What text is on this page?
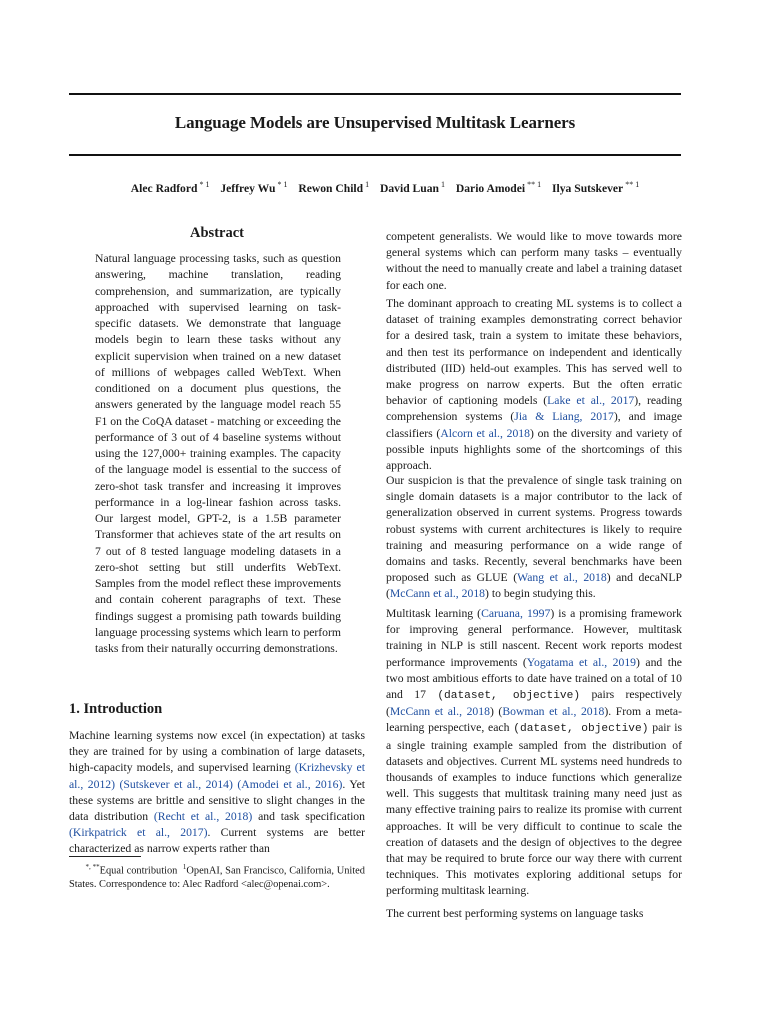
Language Models are Unsupervised Multitask Learners
Alec Radford $^{* 1}$ Jeffrey Wu $^{* 1}$ Rewon Child $^1$ David Luan $^1$ Dario Amodei $^{** 1}$ Ilya Sutskever $^{** 1}$
Abstract

Natural language processing tasks, such as question answering, machine translation, reading comprehension, and summarization, are typically approached with supervised learning on task-specific datasets. We demonstrate that language models begin to learn these tasks without any explicit supervision when trained on a new dataset of millions of webpages called WebText. When conditioned on a document plus questions, the answers generated by the language model reach 55 F1 on the CoQA dataset - matching or exceeding the performance of 3 out of 4 baseline systems without using the 127,000+ training examples. The capacity of the language model is essential to the success of zero-shot task transfer and increasing it improves performance in a log-linear fashion across tasks. Our largest model, GPT-2, is a 1.5B parameter Transformer that achieves state of the art results on 7 out of 8 tested language modeling datasets in a zero-shot setting but still underfits WebText. Samples from the model reflect these improvements and contain coherent paragraphs of text. These findings suggest a promising path towards building language processing systems which learn to perform tasks from their naturally occurring demonstrations.

1. Introduction

Machine learning systems now excel (in expectation) at tasks they are trained for by using a combination of large datasets, high-capacity models, and supervised learning (Krizhevsky et al., 2012) (Sutskever et al., 2014) (Amodei et al., 2016). Yet these systems are brittle and sensitive to slight changes in the data distribution (Recht et al., 2018) and task specification (Kirkpatrick et al., 2017). Current systems are better characterized as narrow experts rather than

*, **Equal contribution  $^1$OpenAI, San Francisco, California, United States. Correspondence to: Alec Radford <alec@openai.com>.

competent generalists. We would like to move towards more general systems which can perform many tasks – eventually without the need to manually create and label a training dataset for each one.

The dominant approach to creating ML systems is to collect a dataset of training examples demonstrating correct behavior for a desired task, train a system to imitate these behaviors, and then test its performance on independent and identically distributed (IID) held-out examples. This has served well to make progress on narrow experts. But the often erratic behavior of captioning models (Lake et al., 2017), reading comprehension systems (Jia & Liang, 2017), and image classifiers (Alcorn et al., 2018) on the diversity and variety of possible inputs highlights some of the shortcomings of this approach.

Our suspicion is that the prevalence of single task training on single domain datasets is a major contributor to the lack of generalization observed in current systems. Progress towards robust systems with current architectures is likely to require training and measuring performance on a wide range of domains and tasks. Recently, several benchmarks have been proposed such as GLUE (Wang et al., 2018) and decaNLP (McCann et al., 2018) to begin studying this.

Multitask learning (Caruana, 1997) is a promising framework for improving general performance. However, multitask training in NLP is still nascent. Recent work reports modest performance improvements (Yogatama et al., 2019) and the two most ambitious efforts to date have trained on a total of 10 and 17 (dataset, objective) pairs respectively (McCann et al., 2018) (Bowman et al., 2018). From a meta-learning perspective, each (dataset, objective) pair is a single training example sampled from the distribution of datasets and objectives. Current ML systems need hundreds to thousands of examples to induce functions which generalize well. This suggests that multitask training many need just as many effective training pairs to realize its promise with current approaches. It will be very difficult to continue to scale the creation of datasets and the design of objectives to the degree that may be required to brute force our way there with current techniques. This motivates exploring additional setups for performing multitask learning.

The current best performing systems on language tasks
